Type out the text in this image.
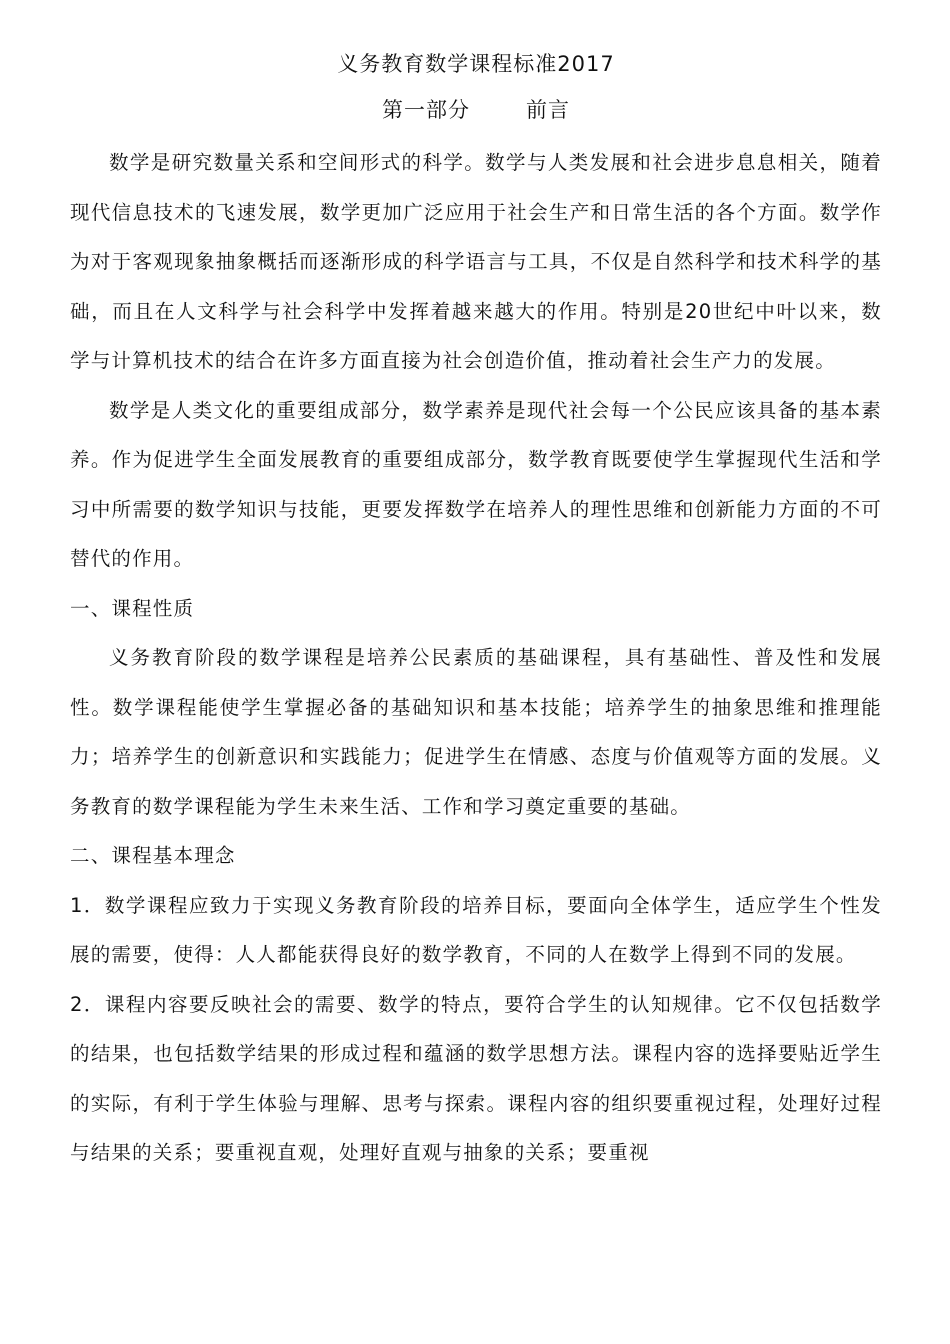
义务教育数学课程标准2017
第一部分	前言

数学是研究数量关系和空间形式的科学。数学与人类发展和社会进步息息相关，随着现代信息技术的飞速发展，数学更加广泛应用于社会生产和日常生活的各个方面。数学作为对于客观现象抽象概括而逐渐形成的科学语言与工具，不仅是自然科学和技术科学的基础，而且在人文科学与社会科学中发挥着越来越大的作用。特别是20世纪中叶以来，数学与计算机技术的结合在许多方面直接为社会创造价值，推动着社会生产力的发展。

数学是人类文化的重要组成部分，数学素养是现代社会每一个公民应该具备的基本素养。作为促进学生全面发展教育的重要组成部分，数学教育既要使学生掌握现代生活和学习中所需要的数学知识与技能，更要发挥数学在培养人的理性思维和创新能力方面的不可替代的作用。

一、课程性质

义务教育阶段的数学课程是培养公民素质的基础课程，具有基础性、普及性和发展性。数学课程能使学生掌握必备的基础知识和基本技能；培养学生的抽象思维和推理能力；培养学生的创新意识和实践能力；促进学生在情感、态度与价值观等方面的发展。义务教育的数学课程能为学生未来生活、工作和学习奠定重要的基础。

二、课程基本理念

1．数学课程应致力于实现义务教育阶段的培养目标，要面向全体学生，适应学生个性发展的需要，使得：人人都能获得良好的数学教育，不同的人在数学上得到不同的发展。

2．课程内容要反映社会的需要、数学的特点，要符合学生的认知规律。它不仅包括数学的结果，也包括数学结果的形成过程和蕴涵的数学思想方法。课程内容的选择要贴近学生的实际，有利于学生体验与理解、思考与探索。课程内容的组织要重视过程，处理好过程与结果的关系；要重视直观，处理好直观与抽象的关系；要重视
